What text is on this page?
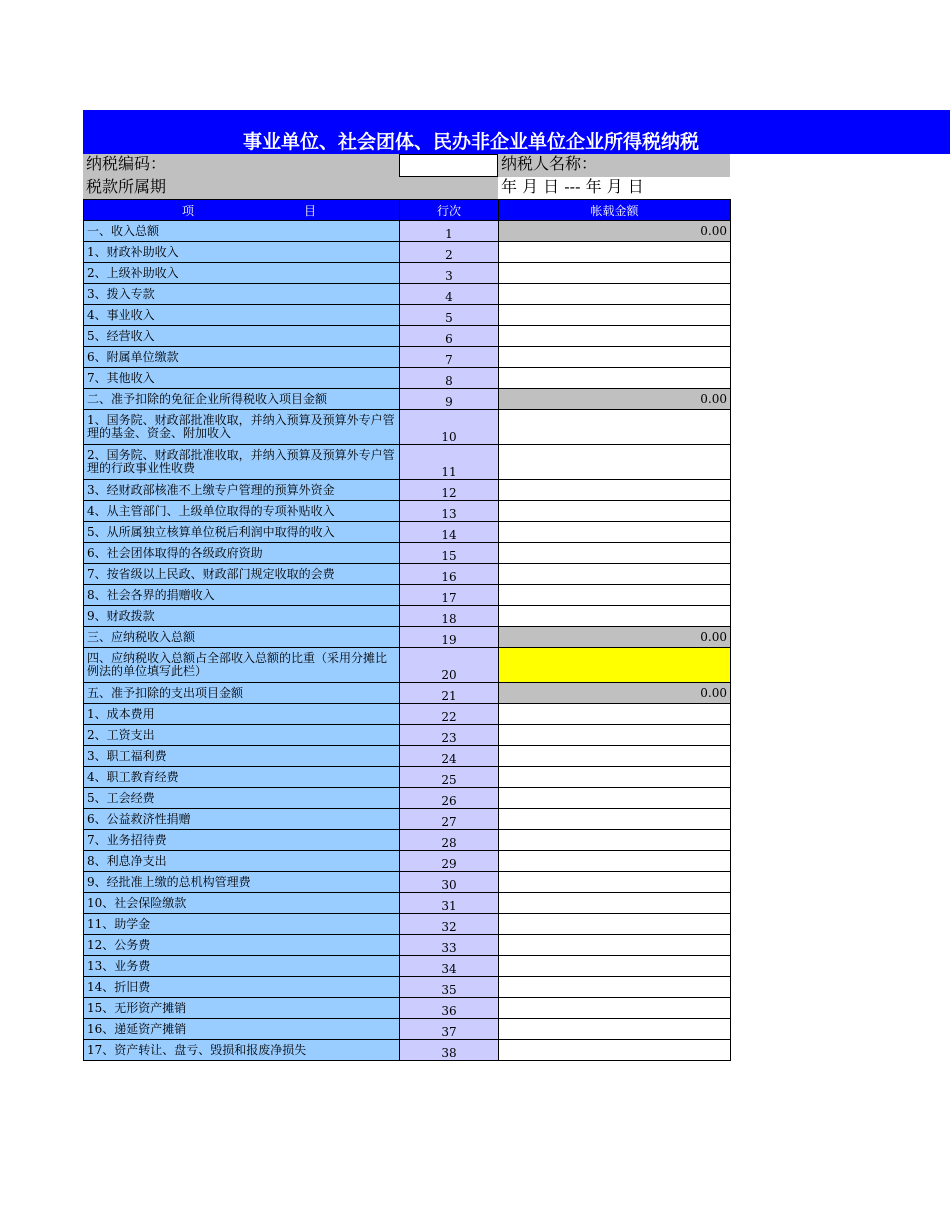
事业单位、社会团体、民办非企业单位企业所得税纳税
纳税编码：	纳税人名称：
税款所属期	年 月 日 --- 年 月 日
项 目	行次	帐载金额
一、收入总额	1	0.00
1、财政补助收入	2	
2、上级补助收入	3	
3、拨入专款	4	
4、事业收入	5	
5、经营收入	6	
6、附属单位缴款	7	
7、其他收入	8	
二、准予扣除的免征企业所得税收入项目金额	9	0.00
1、国务院、财政部批准收取，并纳入预算及预算外专户管理的基金、资金、附加收入	10	
2、国务院、财政部批准收取，并纳入预算及预算外专户管理的行政事业性收费	11	
3、经财政部核准不上缴专户管理的预算外资金	12	
4、从主管部门、上级单位取得的专项补贴收入	13	
5、从所属独立核算单位税后利润中取得的收入	14	
6、社会团体取得的各级政府资助	15	
7、按省级以上民政、财政部门规定收取的会费	16	
8、社会各界的捐赠收入	17	
9、财政拨款	18	
三、应纳税收入总额	19	0.00
四、应纳税收入总额占全部收入总额的比重（采用分摊比例法的单位填写此栏）	20	
五、准予扣除的支出项目金额	21	0.00
1、成本费用	22	
2、工资支出	23	
3、职工福利费	24	
4、职工教育经费	25	
5、工会经费	26	
6、公益救济性捐赠	27	
7、业务招待费	28	
8、利息净支出	29	
9、经批准上缴的总机构管理费	30	
10、社会保险缴款	31	
11、助学金	32	
12、公务费	33	
13、业务费	34	
14、折旧费	35	
15、无形资产摊销	36	
16、递延资产摊销	37	
17、资产转让、盘亏、毁损和报废净损失	38	
